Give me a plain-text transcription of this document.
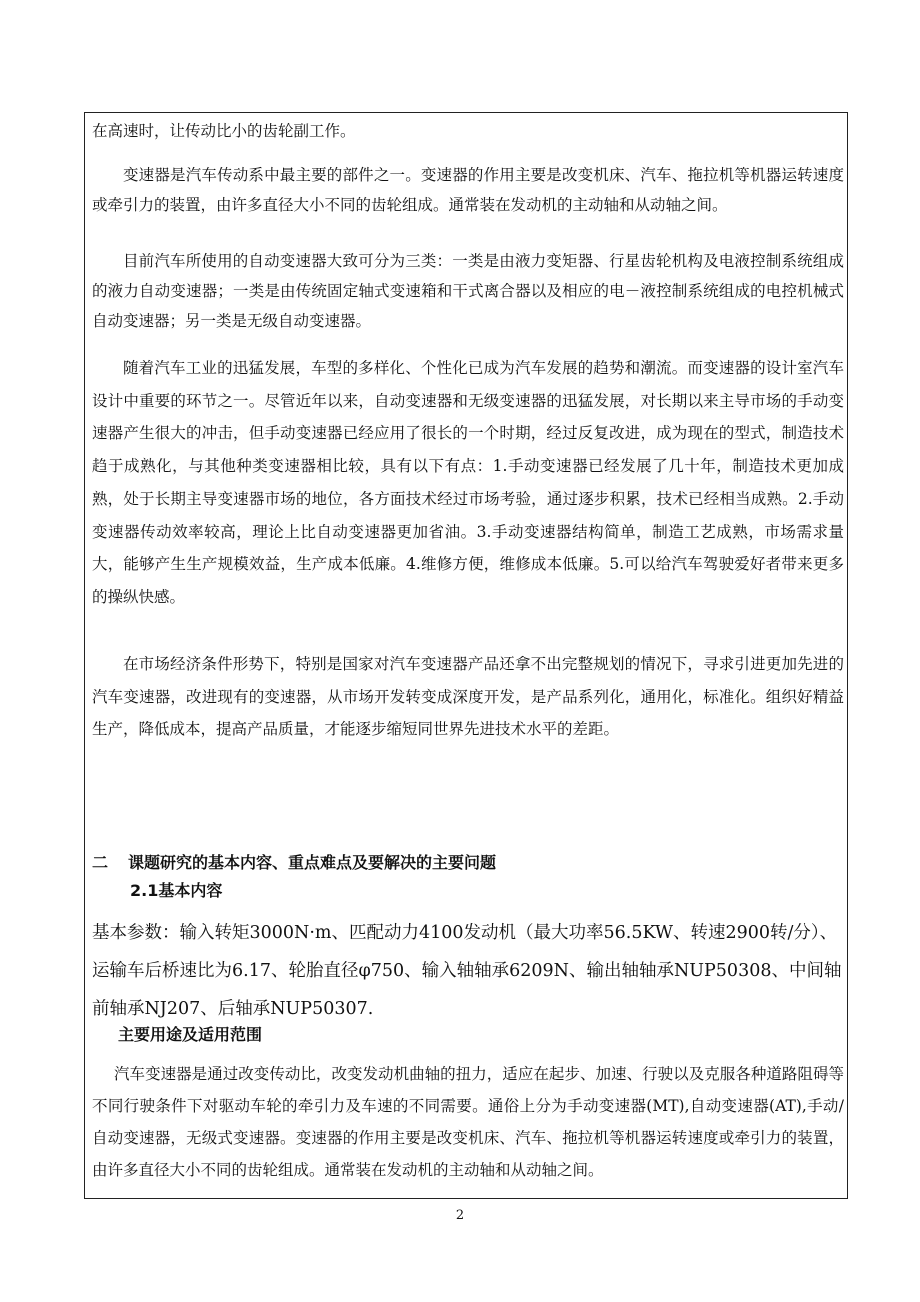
在高速时，让传动比小的齿轮副工作。

变速器是汽车传动系中最主要的部件之一。变速器的作用主要是改变机床、汽车、拖拉机等机器运转速度或牵引力的装置，由许多直径大小不同的齿轮组成。通常装在发动机的主动轴和从动轴之间。

目前汽车所使用的自动变速器大致可分为三类：一类是由液力变矩器、行星齿轮机构及电液控制系统组成的液力自动变速器；一类是由传统固定轴式变速箱和干式离合器以及相应的电－液控制系统组成的电控机械式自动变速器；另一类是无级自动变速器。

随着汽车工业的迅猛发展，车型的多样化、个性化已成为汽车发展的趋势和潮流。而变速器的设计室汽车设计中重要的环节之一。尽管近年以来，自动变速器和无级变速器的迅猛发展，对长期以来主导市场的手动变速器产生很大的冲击，但手动变速器已经应用了很长的一个时期，经过反复改进，成为现在的型式，制造技术趋于成熟化，与其他种类变速器相比较，具有以下有点：1.手动变速器已经发展了几十年，制造技术更加成熟，处于长期主导变速器市场的地位，各方面技术经过市场考验，通过逐步积累，技术已经相当成熟。2.手动变速器传动效率较高，理论上比自动变速器更加省油。3.手动变速器结构简单，制造工艺成熟，市场需求量大，能够产生生产规模效益，生产成本低廉。4.维修方便，维修成本低廉。5.可以给汽车驾驶爱好者带来更多的操纵快感。

在市场经济条件形势下，特别是国家对汽车变速器产品还拿不出完整规划的情况下，寻求引进更加先进的汽车变速器，改进现有的变速器，从市场开发转变成深度开发，是产品系列化，通用化，标准化。组织好精益生产，降低成本，提高产品质量，才能逐步缩短同世界先进技术水平的差距。

二 课题研究的基本内容、重点难点及要解决的主要问题
2.1基本内容

基本参数：输入转矩3000N·m、匹配动力4100发动机（最大功率56.5KW、转速2900转/分）、运输车后桥速比为6.17、轮胎直径φ750、输入轴轴承6209N、输出轴轴承NUP50308、中间轴前轴承NJ207、后轴承NUP50307.

主要用途及适用范围

汽车变速器是通过改变传动比，改变发动机曲轴的扭力，适应在起步、加速、行驶以及克服各种道路阻碍等不同行驶条件下对驱动车轮的牵引力及车速的不同需要。通俗上分为手动变速器(MT),自动变速器(AT),手动/自动变速器，无级式变速器。变速器的作用主要是改变机床、汽车、拖拉机等机器运转速度或牵引力的装置，由许多直径大小不同的齿轮组成。通常装在发动机的主动轴和从动轴之间。

2
